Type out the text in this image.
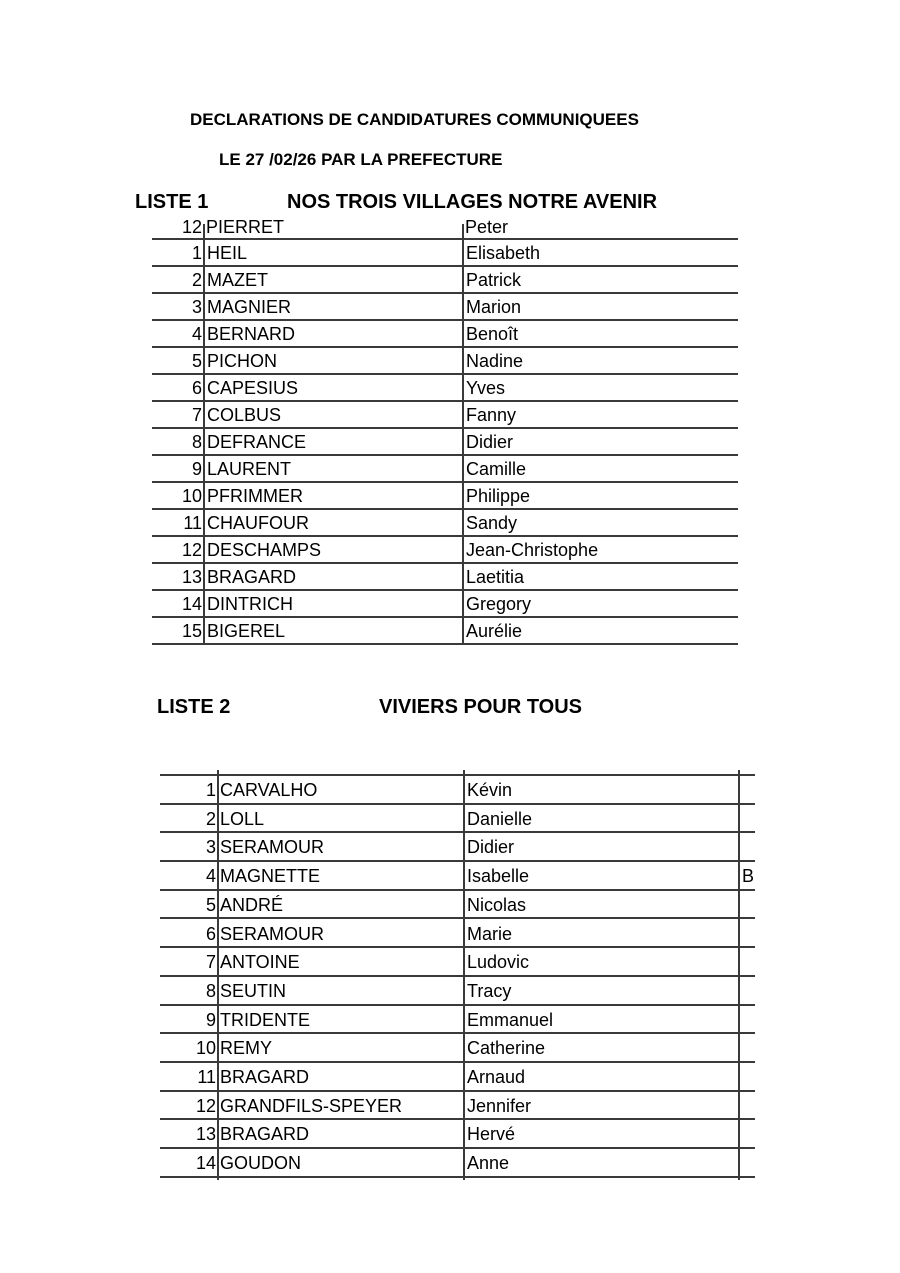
DECLARATIONS DE CANDIDATURES COMMUNIQUEES
LE 27 /02/26 PAR LA PREFECTURE
LISTE 1	NOS TROIS VILLAGES NOTRE AVENIR
12 PIERRET	Peter
1 HEIL	Elisabeth
2 MAZET	Patrick
3 MAGNIER	Marion
4 BERNARD	Benoît
5 PICHON	Nadine
6 CAPESIUS	Yves
7 COLBUS	Fanny
8 DEFRANCE	Didier
9 LAURENT	Camille
10 PFRIMMER	Philippe
11 CHAUFOUR	Sandy
12 DESCHAMPS	Jean-Christophe
13 BRAGARD	Laetitia
14 DINTRICH	Gregory
15 BIGEREL	Aurélie
LISTE 2	VIVIERS POUR TOUS
1 CARVALHO	Kévin
2 LOLL	Danielle
3 SERAMOUR	Didier
4 MAGNETTE	Isabelle	B
5 ANDRÉ	Nicolas
6 SERAMOUR	Marie
7 ANTOINE	Ludovic
8 SEUTIN	Tracy
9 TRIDENTE	Emmanuel
10 REMY	Catherine
11 BRAGARD	Arnaud
12 GRANDFILS-SPEYER	Jennifer
13 BRAGARD	Hervé
14 GOUDON	Anne
